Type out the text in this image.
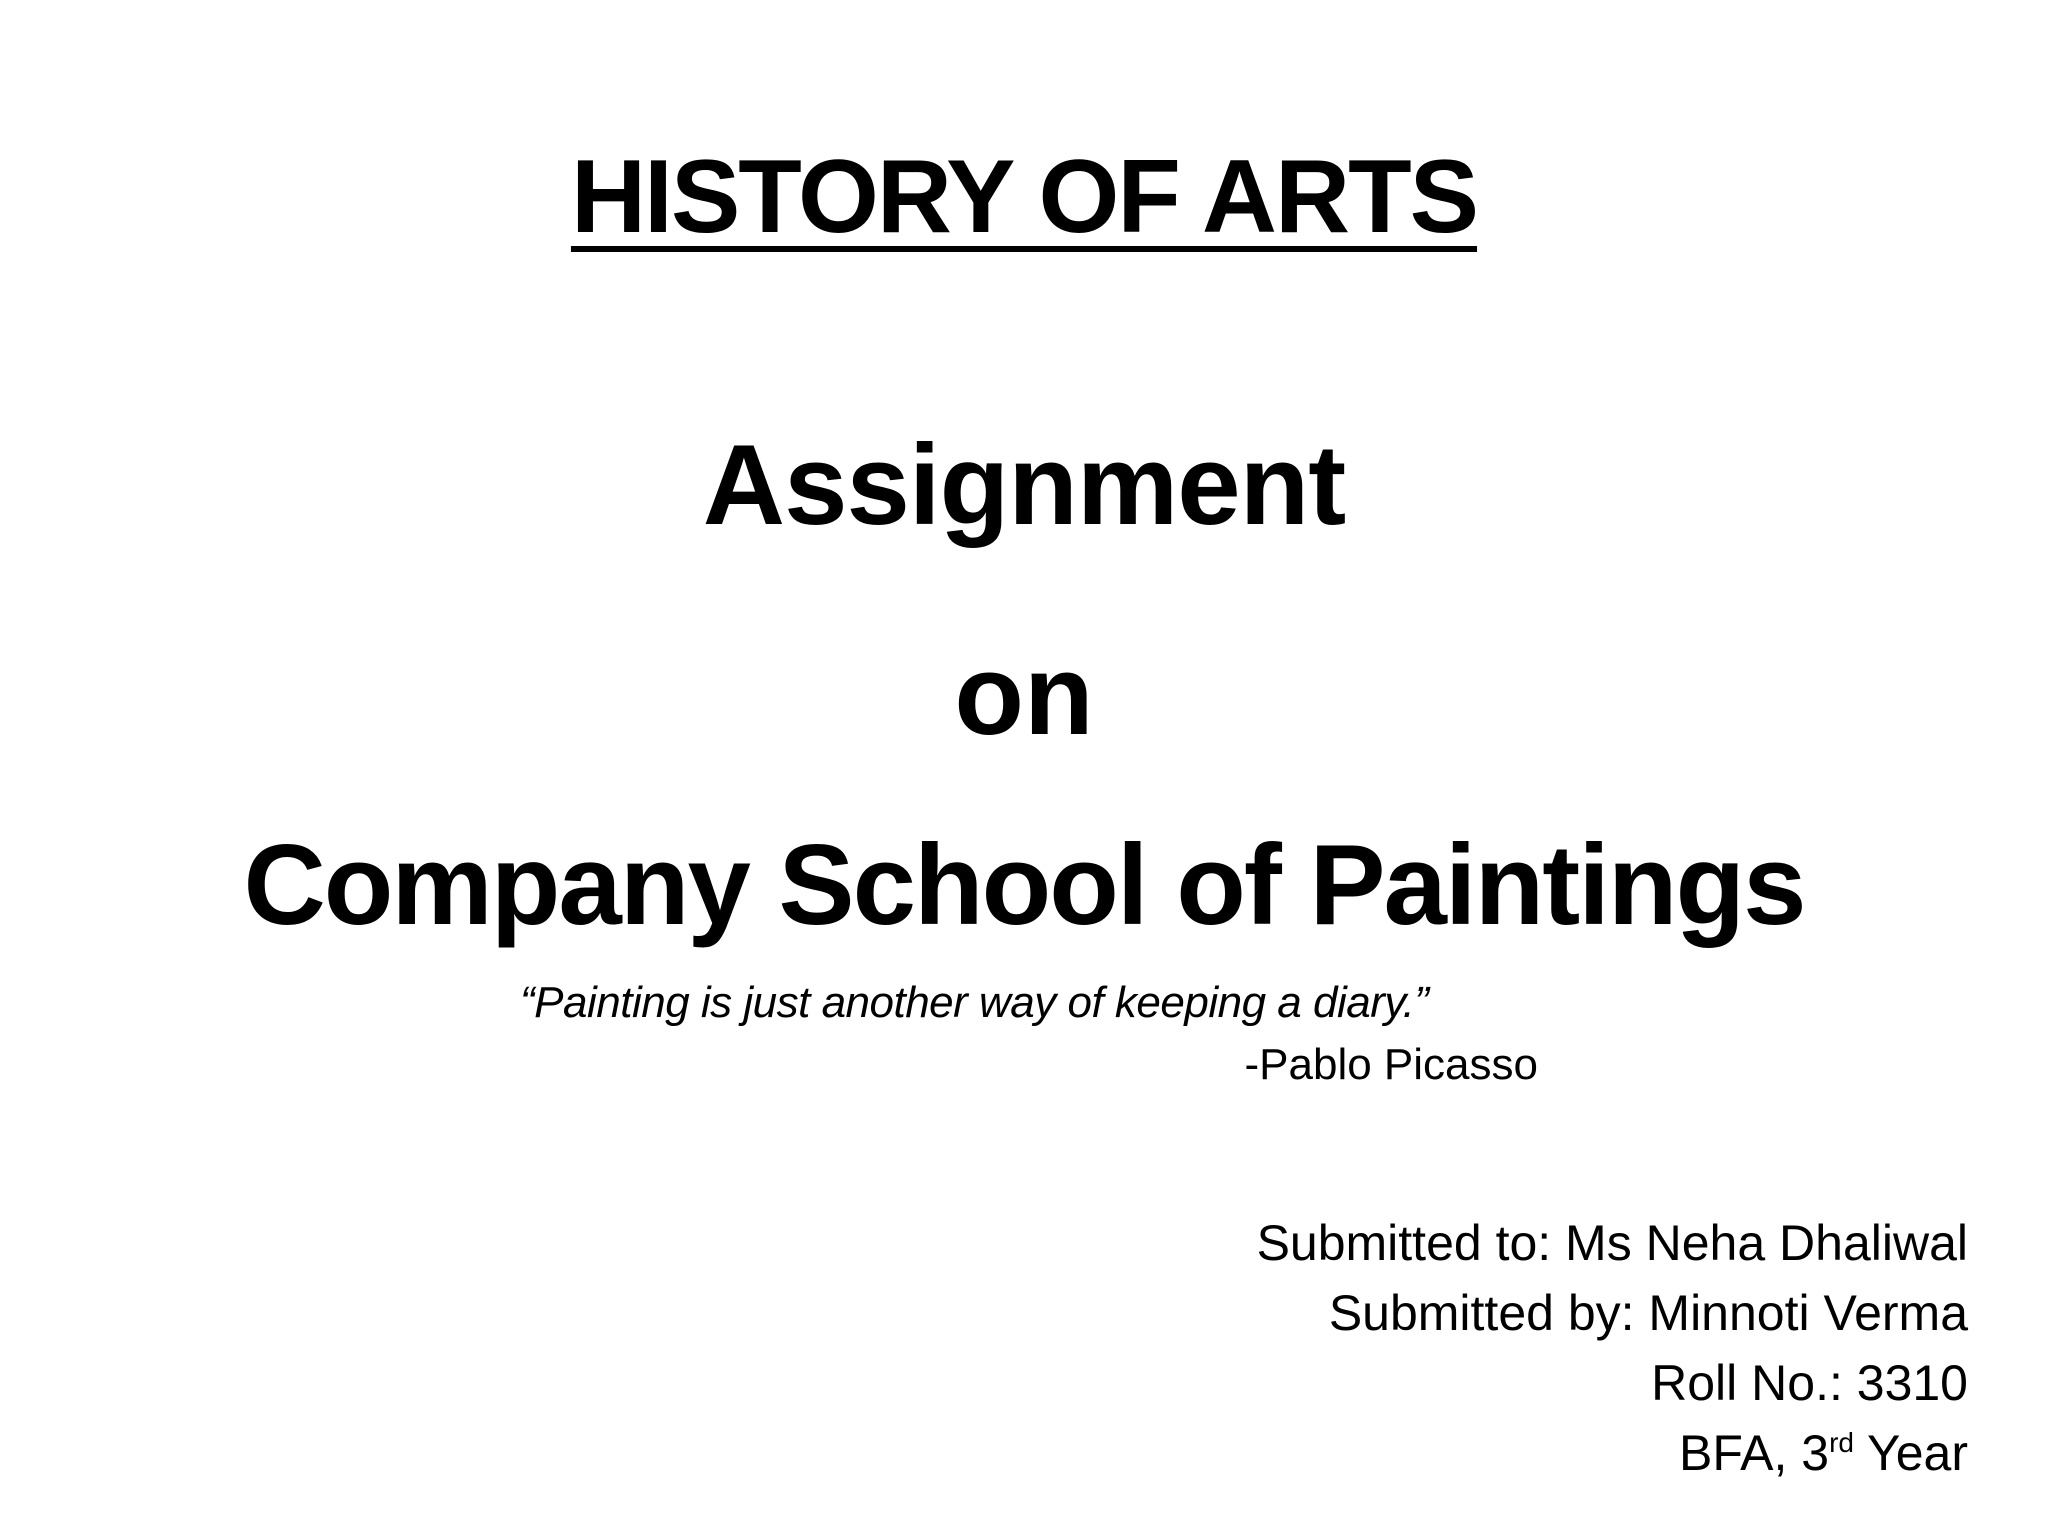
HISTORY OF ARTS
Assignment
on
Company School of Paintings
“Painting is just another way of keeping a diary.”
-Pablo Picasso
Submitted to: Ms Neha Dhaliwal
Submitted by: Minnoti Verma
Roll No.: 3310
BFA, 3rd Year
